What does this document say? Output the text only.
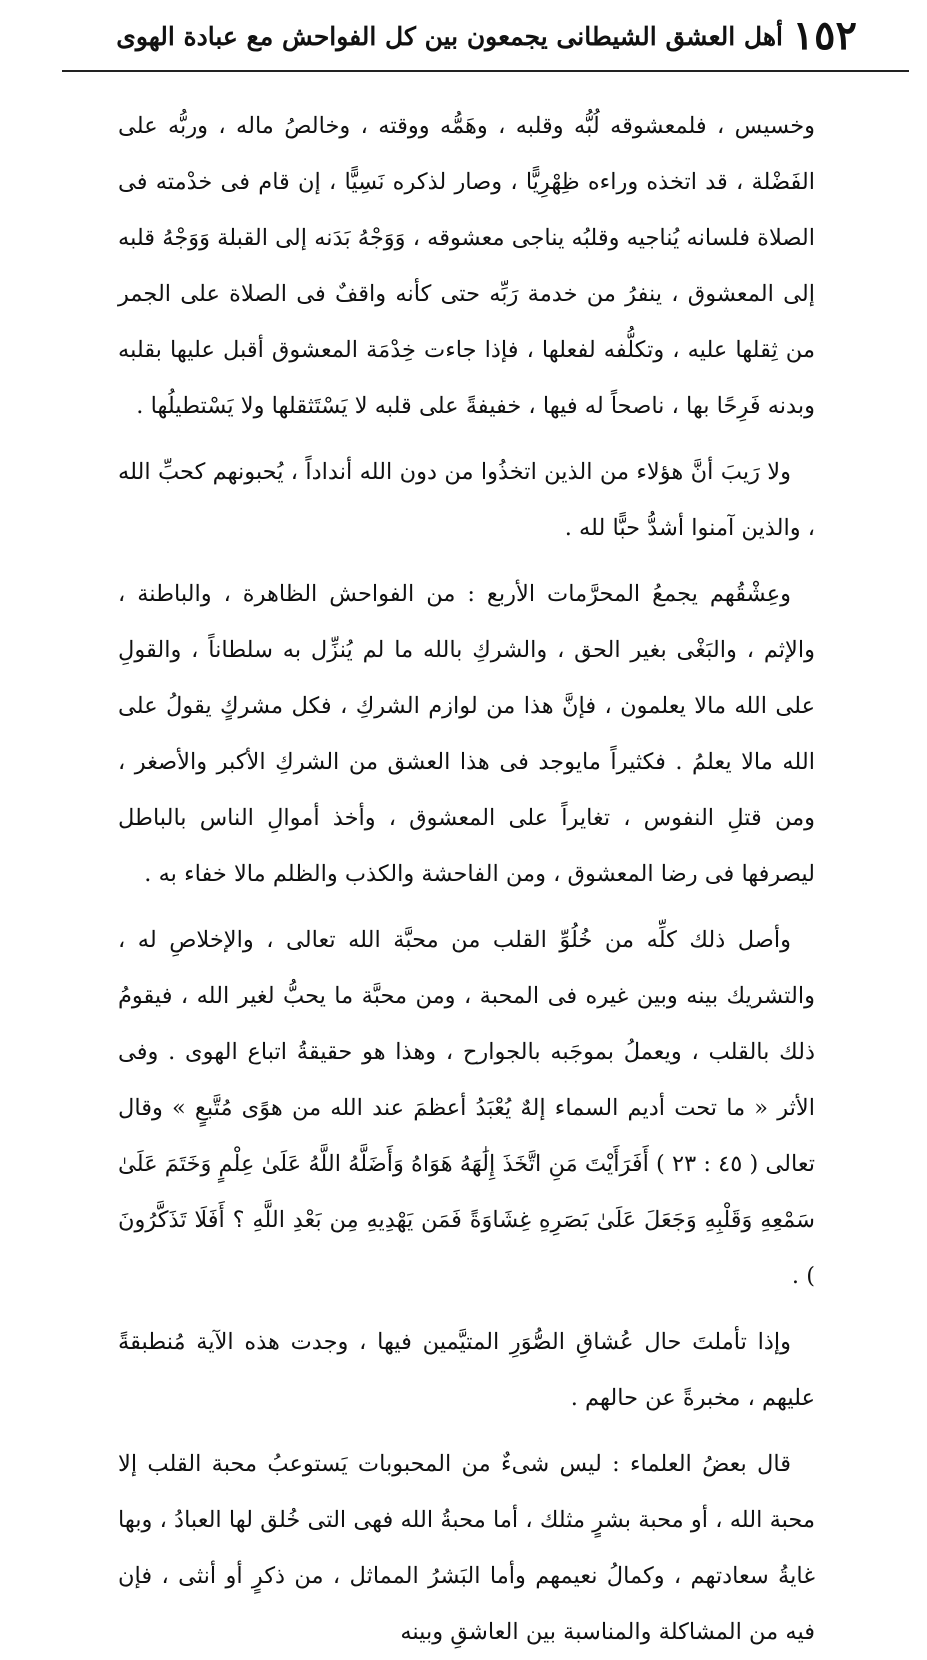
١٥٢
أهل العشق الشيطانى يجمعون بين كل الفواحش مع عبادة الهوى

وخسيس ، فلمعشوقه لُبُّه وقلبه ، وهَمُّه ووقته ، وخالصُ ماله ، وربُّه على الفَضْلة ، قد اتخذه وراءه ظِهْرِيًّا ، وصار لذكره نَسِيًّا ، إن قام فى خدْمته فى الصلاة فلسانه يُناجيه وقلبُه يناجى معشوقه ، وَوَجْهُ بَدَنه إلى القبلة وَوَجْهُ قلبه إلى المعشوق ، ينفرُ من خدمة رَبِّه حتى كأنه واقفٌ فى الصلاة على الجمر من ثِقلها عليه ، وتكلُّفه لفعلها ، فإذا جاءت خِدْمَة المعشوق أقبل عليها بقلبه وبدنه فَرِحًا بها ، ناصحاً له فيها ، خفيفةً على قلبه لا يَسْتَثقلها ولا يَسْتطيلُها .

ولا رَيبَ أنَّ هؤلاء من الذين اتخذُوا من دون الله أنداداً ، يُحبونهم كحبِّ الله ، والذين آمنوا أشدُّ حبًّا لله .

وعِشْقُهم يجمعُ المحرَّمات الأربع : من الفواحش الظاهرة ، والباطنة ، والإثم ، والبَغْى بغير الحق ، والشركِ بالله ما لم يُنزِّل به سلطاناً ، والقولِ على الله مالا يعلمون ، فإنَّ هذا من لوازم الشركِ ، فكل مشركٍ يقولُ على الله مالا يعلمُ . فكثيراً مايوجد فى هذا العشق من الشركِ الأكبر والأصغر ، ومن قتلِ النفوس ، تغايراً على المعشوق ، وأخذ أموالِ الناس بالباطل ليصرفها فى رضا المعشوق ، ومن الفاحشة والكذب والظلم مالا خفاء به .

وأصل ذلك كلِّه من خُلُوِّ القلب من محبَّة الله تعالى ، والإخلاصِ له ، والتشريك بينه وبين غيره فى المحبة ، ومن محبَّة ما يحبُّ لغير الله ، فيقومُ ذلك بالقلب ، ويعملُ بموجَبه بالجوارح ، وهذا هو حقيقةُ اتباع الهوى . وفى الأثر « ما تحت أديم السماء إلهٌ يُعْبَدُ أعظمَ عند الله من هوًى مُتَّبعٍ » وقال تعالى ( ٤٥ : ٢٣ ) أَفَرَأَيْتَ مَنِ اتَّخَذَ إِلَٰهَهُ هَوَاهُ وَأَضَلَّهُ اللَّهُ عَلَىٰ عِلْمٍ وَخَتَمَ عَلَىٰ سَمْعِهِ وَقَلْبِهِ وَجَعَلَ عَلَىٰ بَصَرِهِ غِشَاوَةً فَمَن يَهْدِيهِ مِن بَعْدِ اللَّهِ ؟ أَفَلَا تَذَكَّرُونَ ) .

وإذا تأملتَ حال عُشاقِ الصُّوَرِ المتيَّمين فيها ، وجدت هذه الآية مُنطبقةً عليهم ، مخبرةً عن حالهم .

قال بعضُ العلماء : ليس شىءٌ من المحبوبات يَستوعبُ محبة القلب إلا محبة الله ، أو محبة بشرٍ مثلك ، أما محبةُ الله فهى التى خُلق لها العبادُ ، وبها غايةُ سعادتهم ، وكمالُ نعيمهم وأما البَشرُ المماثل ، من ذكرٍ أو أنثى ، فإن فيه من المشاكلة والمناسبة بين العاشقِ وبينه
